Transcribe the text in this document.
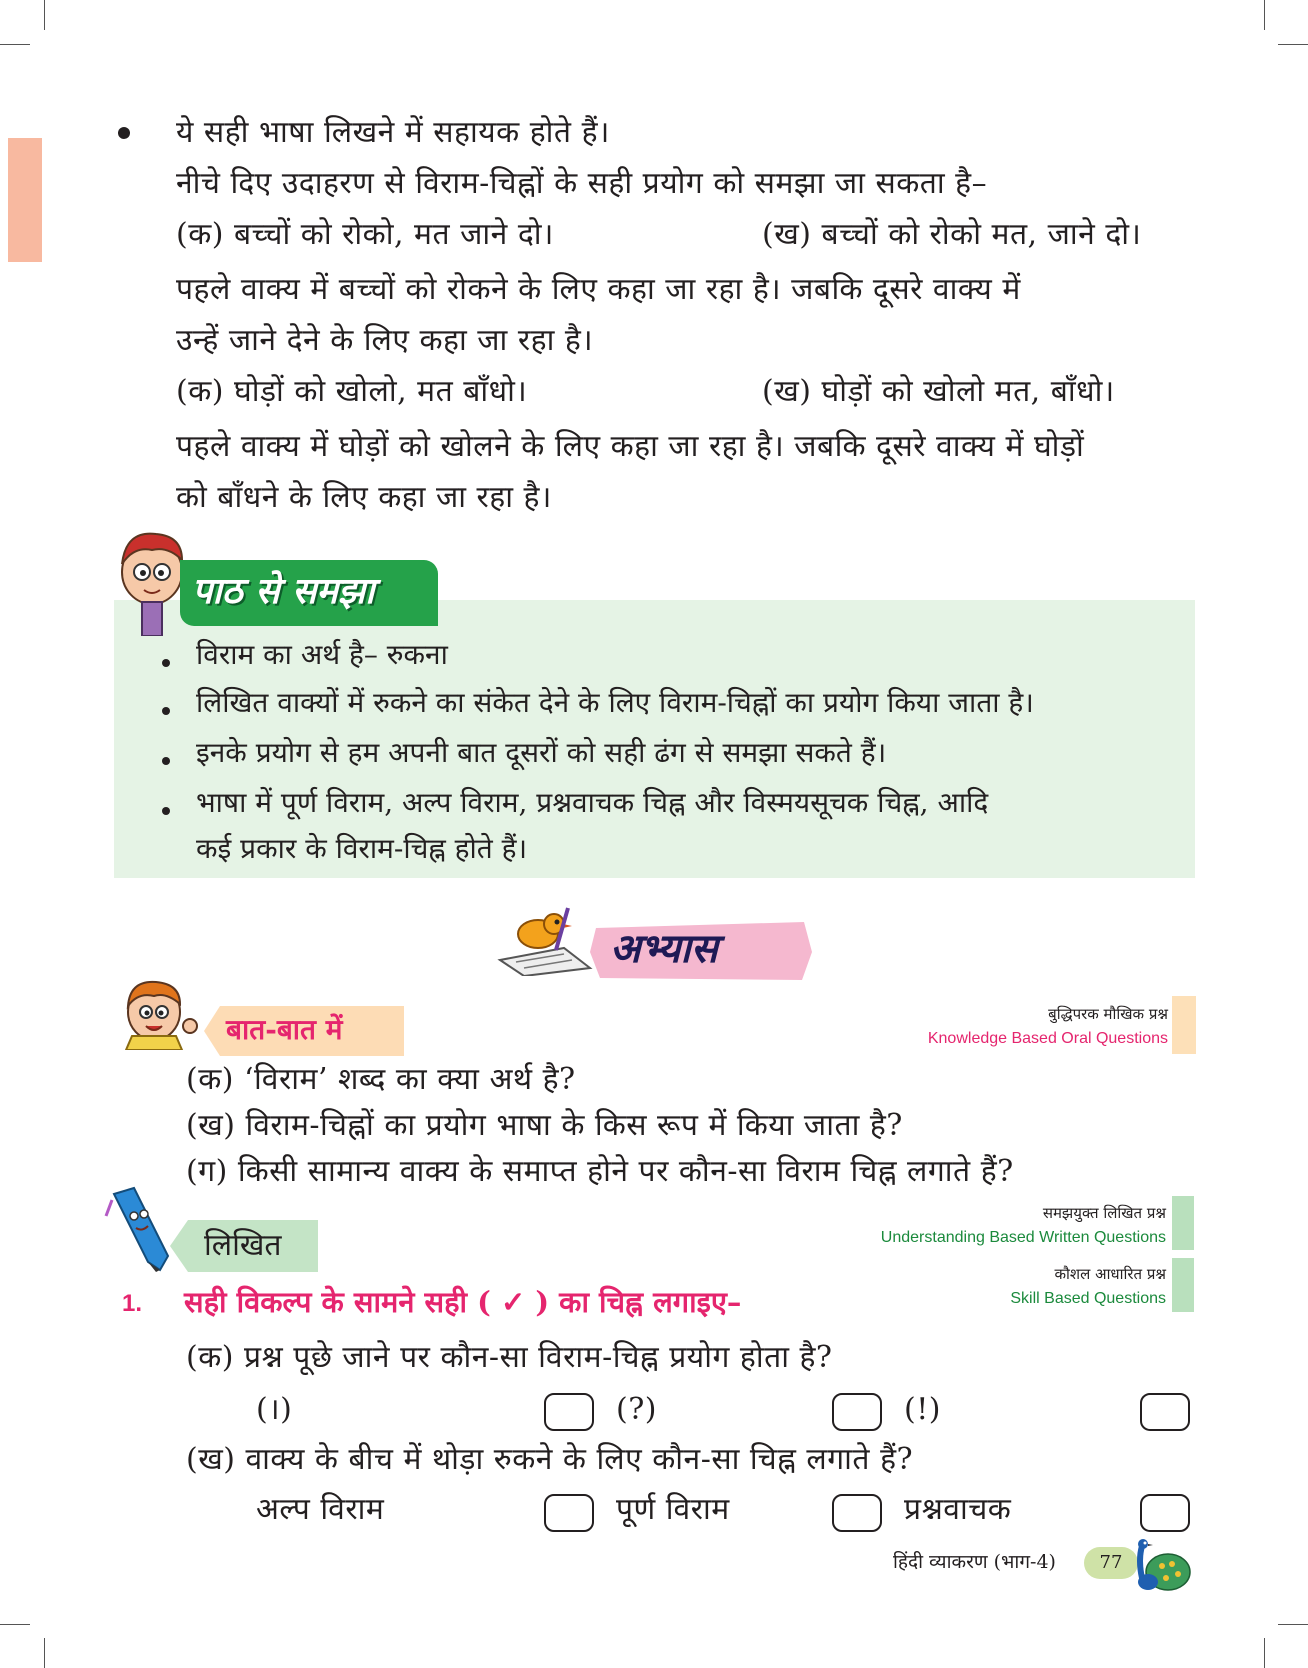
ये सही भाषा लिखने में सहायक होते हैं।
नीचे दिए उदाहरण से विराम-चिह्नों के सही प्रयोग को समझा जा सकता है–
(क) बच्चों को रोको, मत जाने दो।	(ख) बच्चों को रोको मत, जाने दो।
पहले वाक्य में बच्चों को रोकने के लिए कहा जा रहा है। जबकि दूसरे वाक्य में
उन्हें जाने देने के लिए कहा जा रहा है।
(क) घोड़ों को खोलो, मत बाँधो।	(ख) घोड़ों को खोलो मत, बाँधो।
पहले वाक्य में घोड़ों को खोलने के लिए कहा जा रहा है। जबकि दूसरे वाक्य में घोड़ों
को बाँधने के लिए कहा जा रहा है।
पाठ से समझा
विराम का अर्थ है– रुकना
लिखित वाक्यों में रुकने का संकेत देने के लिए विराम-चिह्नों का प्रयोग किया जाता है।
इनके प्रयोग से हम अपनी बात दूसरों को सही ढंग से समझा सकते हैं।
भाषा में पूर्ण विराम, अल्प विराम, प्रश्नवाचक चिह्न और विस्मयसूचक चिह्न, आदि
कई प्रकार के विराम-चिह्न होते हैं।
अभ्यास
बात-बात में	बुद्धिपरक मौखिक प्रश्न
Knowledge Based Oral Questions
(क) ‘विराम’ शब्द का क्या अर्थ है?
(ख) विराम-चिह्नों का प्रयोग भाषा के किस रूप में किया जाता है?
(ग) किसी सामान्य वाक्य के समाप्त होने पर कौन-सा विराम चिह्न लगाते हैं?
लिखित
समझयुक्त लिखित प्रश्न
Understanding Based Written Questions
कौशल आधारित प्रश्न
Skill Based Questions
1. सही विकल्प के सामने सही ( ✓ ) का चिह्न लगाइए–
(क) प्रश्न पूछे जाने पर कौन-सा विराम-चिह्न प्रयोग होता है?
(।)	(?)	(!)
(ख) वाक्य के बीच में थोड़ा रुकने के लिए कौन-सा चिह्न लगाते हैं?
अल्प विराम	पूर्ण विराम	प्रश्नवाचक
हिंदी व्याकरण (भाग-4)	77
